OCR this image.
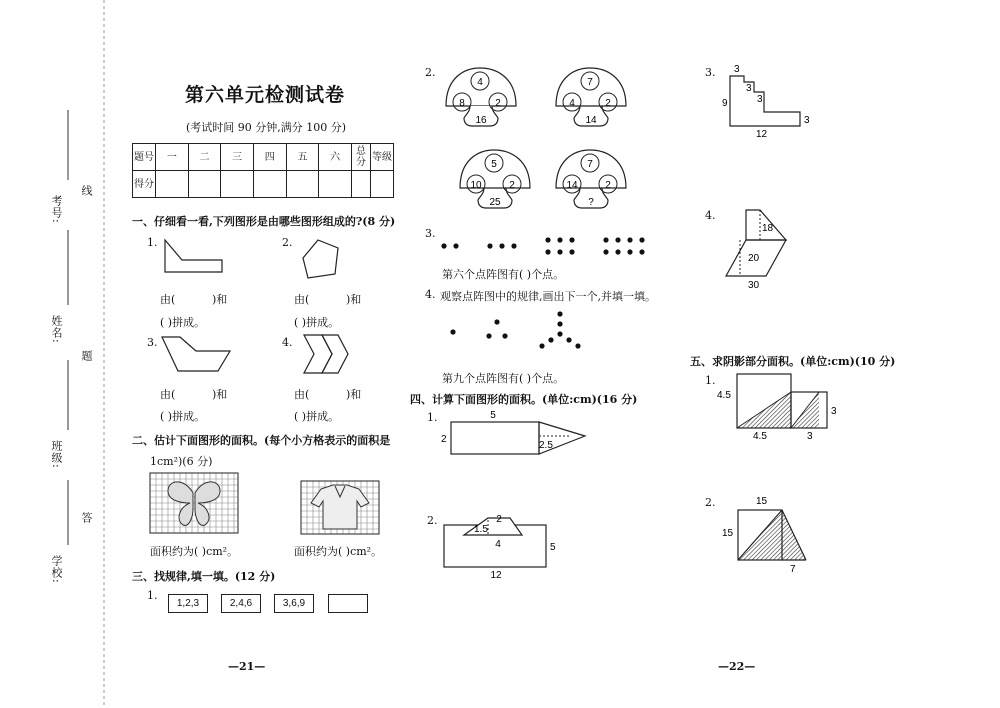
考号:
姓名:
班级:
学校:
线
题
答
第六单元检测试卷
(考试时间 90 分钟,满分 100 分)
题号	一	二	三	四	五	六	总分	等级
得分								
一、仔细看一看,下列图形是由哪些图形组成的?(8 分)
1.	2.
由(	)和
( )拼成。
由(	)和
( )拼成。
3.	4.
由(	)和
( )拼成。
由(	)和
( )拼成。
二、估计下面图形的面积。(每个小方格表示的面积是
1cm²)(6 分)
面积约为( )cm²。	面积约为( )cm²。
三、找规律,填一填。(12 分)
1.
1,2,3	2,4,6	3,6,9
2.
4
8	2
16
7
4	2
14
5
10	2
25
7
14	2
?
3.
第六个点阵图有( )个点。
4. 观察点阵图中的规律,画出下一个,并填一填。
第九个点阵图有( )个点。
四、计算下面图形的面积。(单位:cm)(16 分)
1.	5
2
2.5
2.	2
1.5
4	5
12
3. 3
3
3
9
3
12
4.
18
20
30
五、求阴影部分面积。(单位:cm)(10 分)
1.
4.5
4.5
3
3
2.	15
15
7
—21—	—22—
